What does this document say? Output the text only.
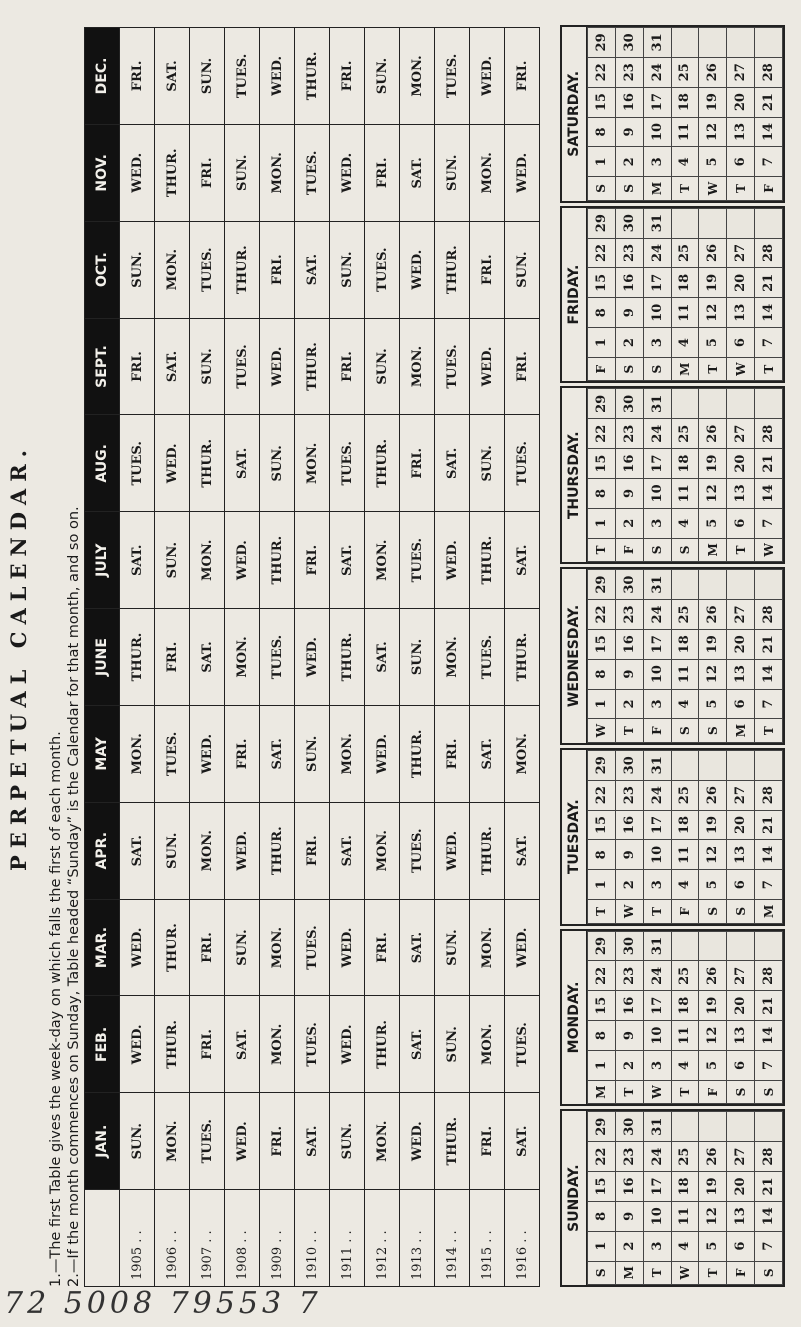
PERPETUAL CALENDAR.
1.—The first Table gives the week-day on which falls the first of each month. 2.—If the month commences on Sunday, Table headed “Sunday” is the Calendar for that month, and so on.
	JAN.	FEB.	MAR.	APR.	MAY	JUNE	JULY	AUG.	SEPT.	OCT.	NOV.	DEC.
1905 . .	SUN.	WED.	WED.	SAT.	MON.	THUR.	SAT.	TUES.	FRI.	SUN.	WED.	FRI.
1906 . .	MON.	THUR.	THUR.	SUN.	TUES.	FRI.	SUN.	WED.	SAT.	MON.	THUR.	SAT.
1907 . .	TUES.	FRI.	FRI.	MON.	WED.	SAT.	MON.	THUR.	SUN.	TUES.	FRI.	SUN.
1908 . .	WED.	SAT.	SUN.	WED.	FRI.	MON.	WED.	SAT.	TUES.	THUR.	SUN.	TUES.
1909 . .	FRI.	MON.	MON.	THUR.	SAT.	TUES.	THUR.	SUN.	WED.	FRI.	MON.	WED.
1910 . .	SAT.	TUES.	TUES.	FRI.	SUN.	WED.	FRI.	MON.	THUR.	SAT.	TUES.	THUR.
1911 . .	SUN.	WED.	WED.	SAT.	MON.	THUR.	SAT.	TUES.	FRI.	SUN.	WED.	FRI.
1912 . .	MON.	THUR.	FRI.	MON.	WED.	SAT.	MON.	THUR.	SUN.	TUES.	FRI.	SUN.
1913 . .	WED.	SAT.	SAT.	TUES.	THUR.	SUN.	TUES.	FRI.	MON.	WED.	SAT.	MON.
1914 . .	THUR.	SUN.	SUN.	WED.	FRI.	MON.	WED.	SAT.	TUES.	THUR.	SUN.	TUES.
1915 . .	FRI.	MON.	MON.	THUR.	SAT.	TUES.	THUR.	SUN.	WED.	FRI.	MON.	WED.
1916 . .	SAT.	TUES.	WED.	SAT.	MON.	THUR.	SAT.	TUES.	FRI.	SUN.	WED.	FRI.
SUNDAY.
S	1	8	15	22	29
M	2	9	16	23	30
T	3	10	17	24	31
W	4	11	18	25	
T	5	12	19	26	
F	6	13	20	27	
S	7	14	21	28	
MONDAY.
M	1	8	15	22	29
T	2	9	16	23	30
W	3	10	17	24	31
T	4	11	18	25	
F	5	12	19	26	
S	6	13	20	27	
S	7	14	21	28	
TUESDAY.
T	1	8	15	22	29
W	2	9	16	23	30
T	3	10	17	24	31
F	4	11	18	25	
S	5	12	19	26	
S	6	13	20	27	
M	7	14	21	28	
WEDNESDAY.
W	1	8	15	22	29
T	2	9	16	23	30
F	3	10	17	24	31
S	4	11	18	25	
S	5	12	19	26	
M	6	13	20	27	
T	7	14	21	28	
THURSDAY.
T	1	8	15	22	29
F	2	9	16	23	30
S	3	10	17	24	31
S	4	11	18	25	
M	5	12	19	26	
T	6	13	20	27	
W	7	14	21	28	
FRIDAY.
F	1	8	15	22	29
S	2	9	16	23	30
S	3	10	17	24	31
M	4	11	18	25	
T	5	12	19	26	
W	6	13	20	27	
T	7	14	21	28	
SATURDAY.
S	1	8	15	22	29
S	2	9	16	23	30
M	3	10	17	24	31
T	4	11	18	25	
W	5	12	19	26	
T	6	13	20	27	
F	7	14	21	28	
72 5008 79553 7
